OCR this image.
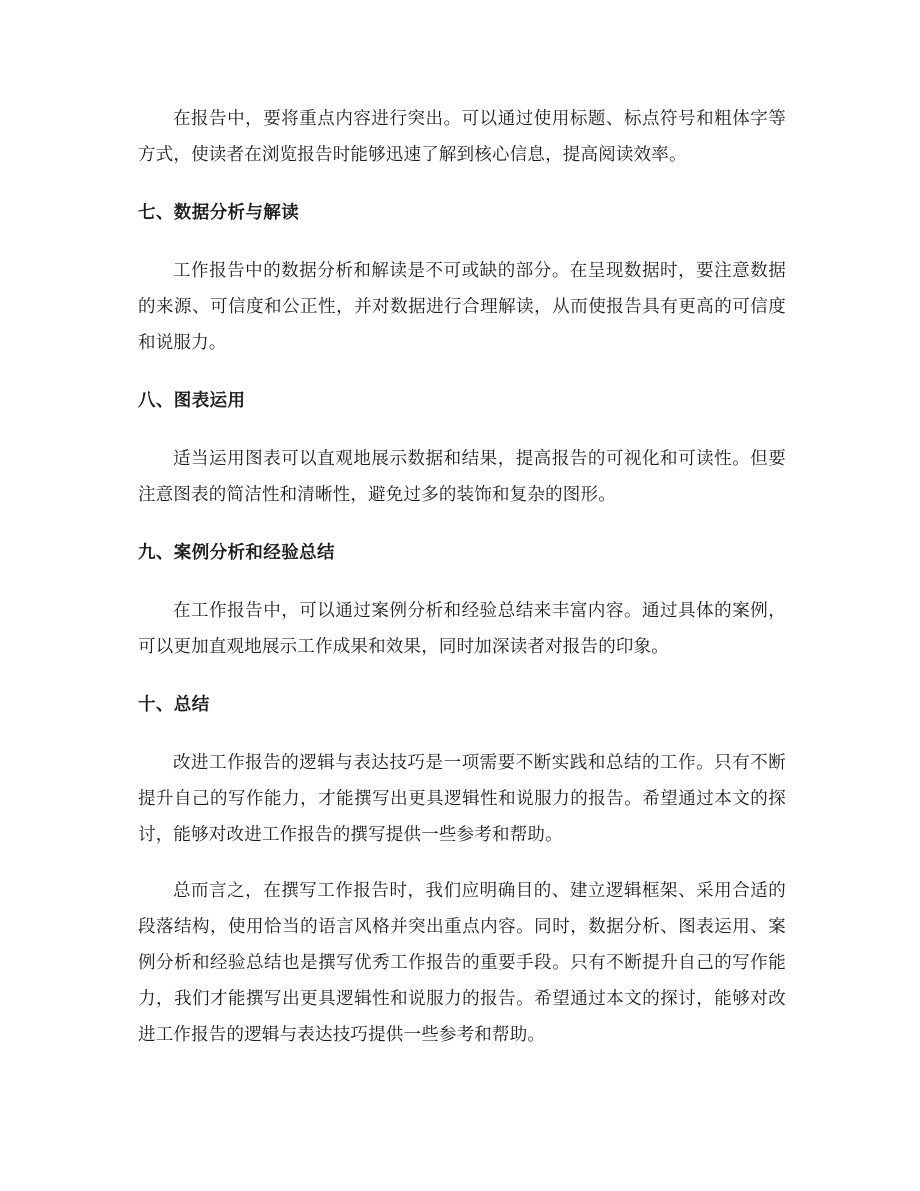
在报告中，要将重点内容进行突出。可以通过使用标题、标点符号和粗体字等方式，使读者在浏览报告时能够迅速了解到核心信息，提高阅读效率。

七、数据分析与解读

工作报告中的数据分析和解读是不可或缺的部分。在呈现数据时，要注意数据的来源、可信度和公正性，并对数据进行合理解读，从而使报告具有更高的可信度和说服力。

八、图表运用

适当运用图表可以直观地展示数据和结果，提高报告的可视化和可读性。但要注意图表的简洁性和清晰性，避免过多的装饰和复杂的图形。

九、案例分析和经验总结

在工作报告中，可以通过案例分析和经验总结来丰富内容。通过具体的案例，可以更加直观地展示工作成果和效果，同时加深读者对报告的印象。

十、总结

改进工作报告的逻辑与表达技巧是一项需要不断实践和总结的工作。只有不断提升自己的写作能力，才能撰写出更具逻辑性和说服力的报告。希望通过本文的探讨，能够对改进工作报告的撰写提供一些参考和帮助。

总而言之，在撰写工作报告时，我们应明确目的、建立逻辑框架、采用合适的段落结构，使用恰当的语言风格并突出重点内容。同时，数据分析、图表运用、案例分析和经验总结也是撰写优秀工作报告的重要手段。只有不断提升自己的写作能力，我们才能撰写出更具逻辑性和说服力的报告。希望通过本文的探讨，能够对改进工作报告的逻辑与表达技巧提供一些参考和帮助。
